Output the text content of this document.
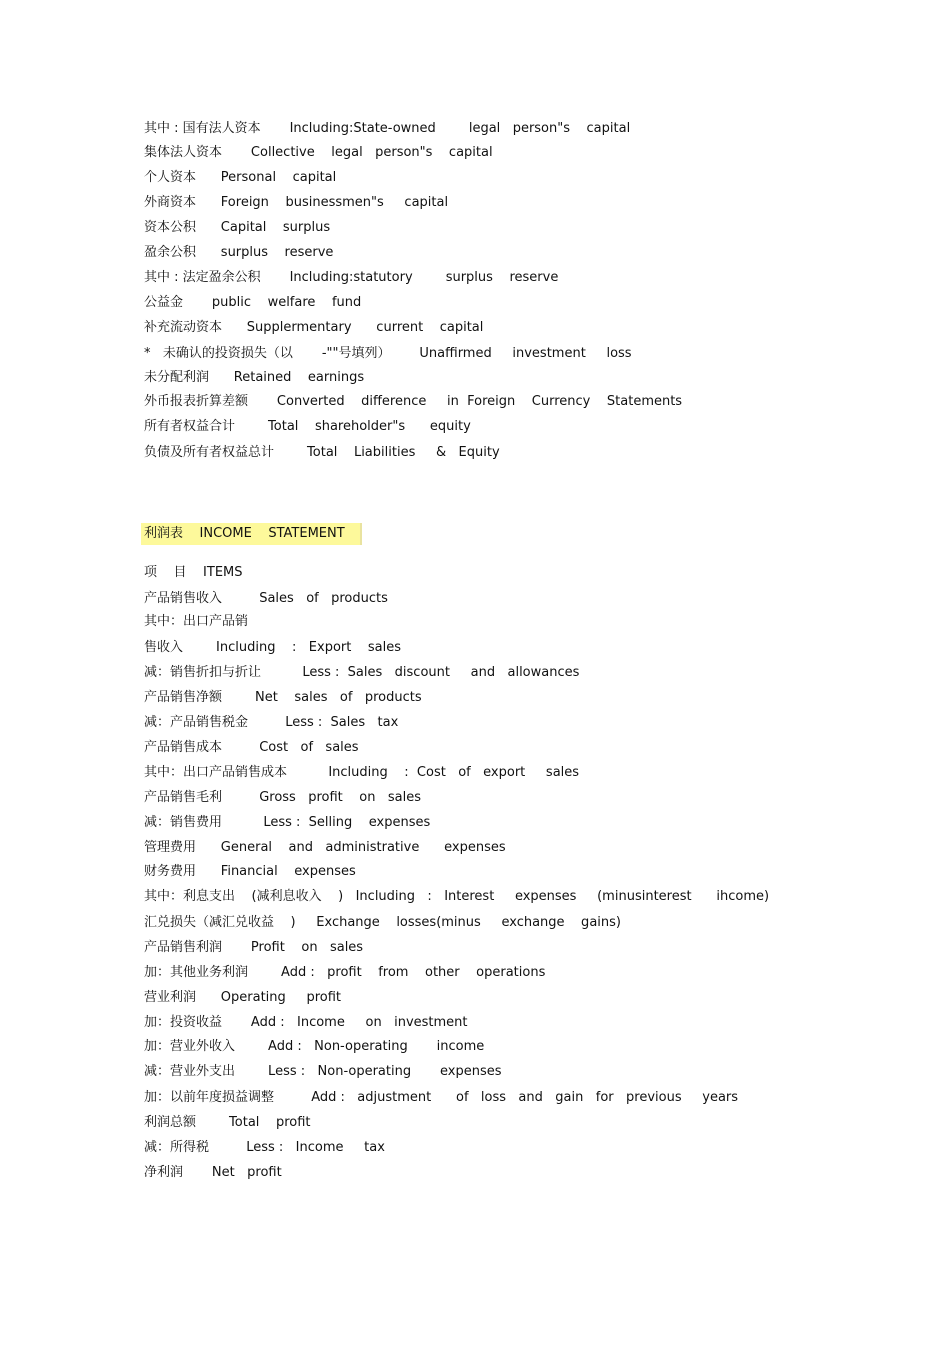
其中 : 国有法人资本       Including:State-owned        legal   person"s    capital
集体法人资本       Collective    legal   person"s    capital
个人资本      Personal    capital
外商资本      Foreign    businessmen"s     capital
资本公积      Capital    surplus
盈余公积      surplus    reserve
其中 : 法定盈余公积       Including:statutory        surplus    reserve
公益金       public    welfare    fund
补充流动资本      Supplermentary      current    capital
*   未确认的投资损失（以       -""号填列）       Unaffirmed     investment     loss
未分配利润      Retained    earnings
外币报表折算差额       Converted    difference     in  Foreign    Currency    Statements
所有者权益合计        Total    shareholder"s      equity
负债及所有者权益总计        Total    Liabilities     &   Equity
利润表    INCOME    STATEMENT
项    目    ITEMS
产品销售收入         Sales   of   products
其中：出口产品销
售收入        Including    :   Export    sales
减：销售折扣与折让          Less :  Sales   discount     and   allowances
产品销售净额        Net    sales   of   products
减：产品销售税金         Less :  Sales   tax
产品销售成本         Cost   of   sales
其中：出口产品销售成本          Including    :  Cost   of   export     sales
产品销售毛利         Gross   profit    on   sales
减：销售费用          Less :  Selling    expenses
管理费用      General    and   administrative      expenses
财务费用      Financial    expenses
其中：利息支出    (减利息收入    )   Including   :   Interest     expenses     (minusinterest      ihcome)
汇兑损失（减汇兑收益    )     Exchange    losses(minus     exchange    gains)
产品销售利润       Profit    on   sales
加：其他业务利润        Add :   profit    from    other    operations
营业利润      Operating     profit
加：投资收益       Add :   Income     on   investment
加：营业外收入        Add :   Non-operating       income
减：营业外支出        Less :   Non-operating       expenses
加：以前年度损益调整         Add :   adjustment      of   loss   and   gain   for   previous     years
利润总额        Total    profit
减：所得税         Less :   Income     tax
净利润       Net   profit
